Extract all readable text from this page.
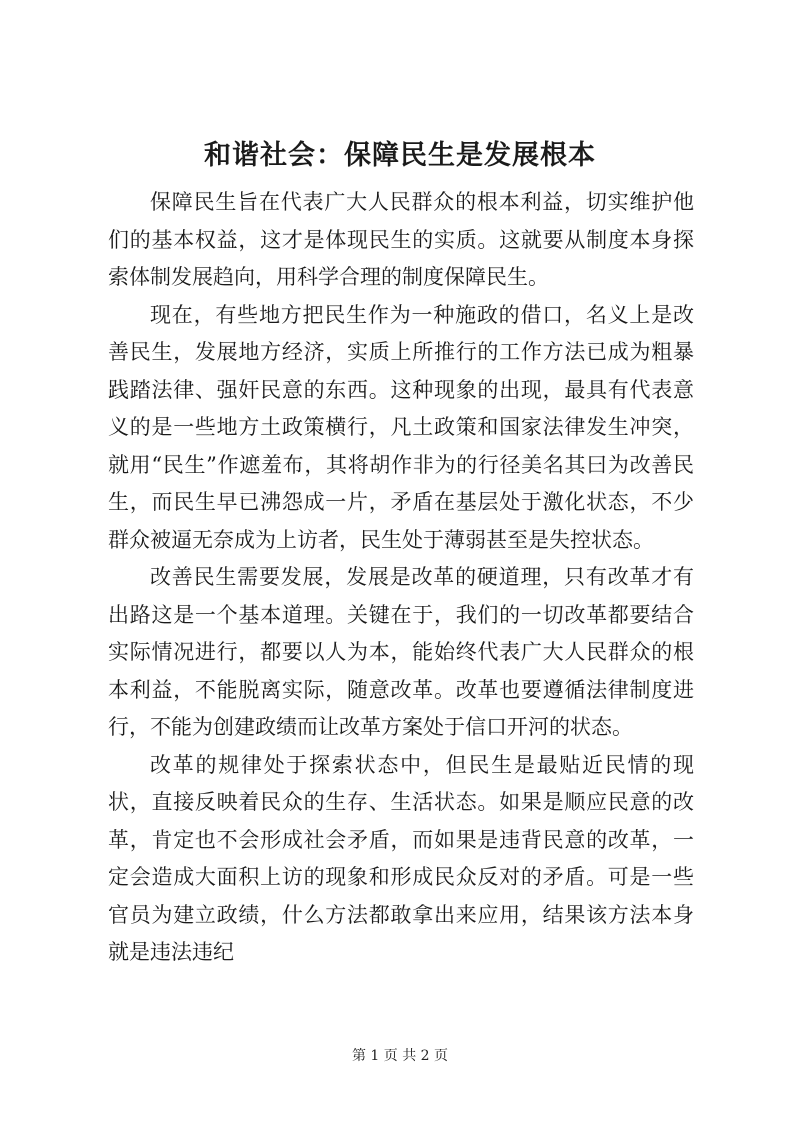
和谐社会：保障民生是发展根本

保障民生旨在代表广大人民群众的根本利益，切实维护他们的基本权益，这才是体现民生的实质。这就要从制度本身探索体制发展趋向，用科学合理的制度保障民生。

现在，有些地方把民生作为一种施政的借口，名义上是改善民生，发展地方经济，实质上所推行的工作方法已成为粗暴践踏法律、强奸民意的东西。这种现象的出现，最具有代表意义的是一些地方土政策横行，凡土政策和国家法律发生冲突，就用“民生”作遮羞布，其将胡作非为的行径美名其曰为改善民生，而民生早已沸怨成一片，矛盾在基层处于激化状态，不少群众被逼无奈成为上访者，民生处于薄弱甚至是失控状态。

改善民生需要发展，发展是改革的硬道理，只有改革才有出路这是一个基本道理。关键在于，我们的一切改革都要结合实际情况进行，都要以人为本，能始终代表广大人民群众的根本利益，不能脱离实际，随意改革。改革也要遵循法律制度进行，不能为创建政绩而让改革方案处于信口开河的状态。

改革的规律处于探索状态中，但民生是最贴近民情的现状，直接反映着民众的生存、生活状态。如果是顺应民意的改革，肯定也不会形成社会矛盾，而如果是违背民意的改革，一定会造成大面积上访的现象和形成民众反对的矛盾。可是一些官员为建立政绩，什么方法都敢拿出来应用，结果该方法本身就是违法违纪

第 1 页 共 2 页
